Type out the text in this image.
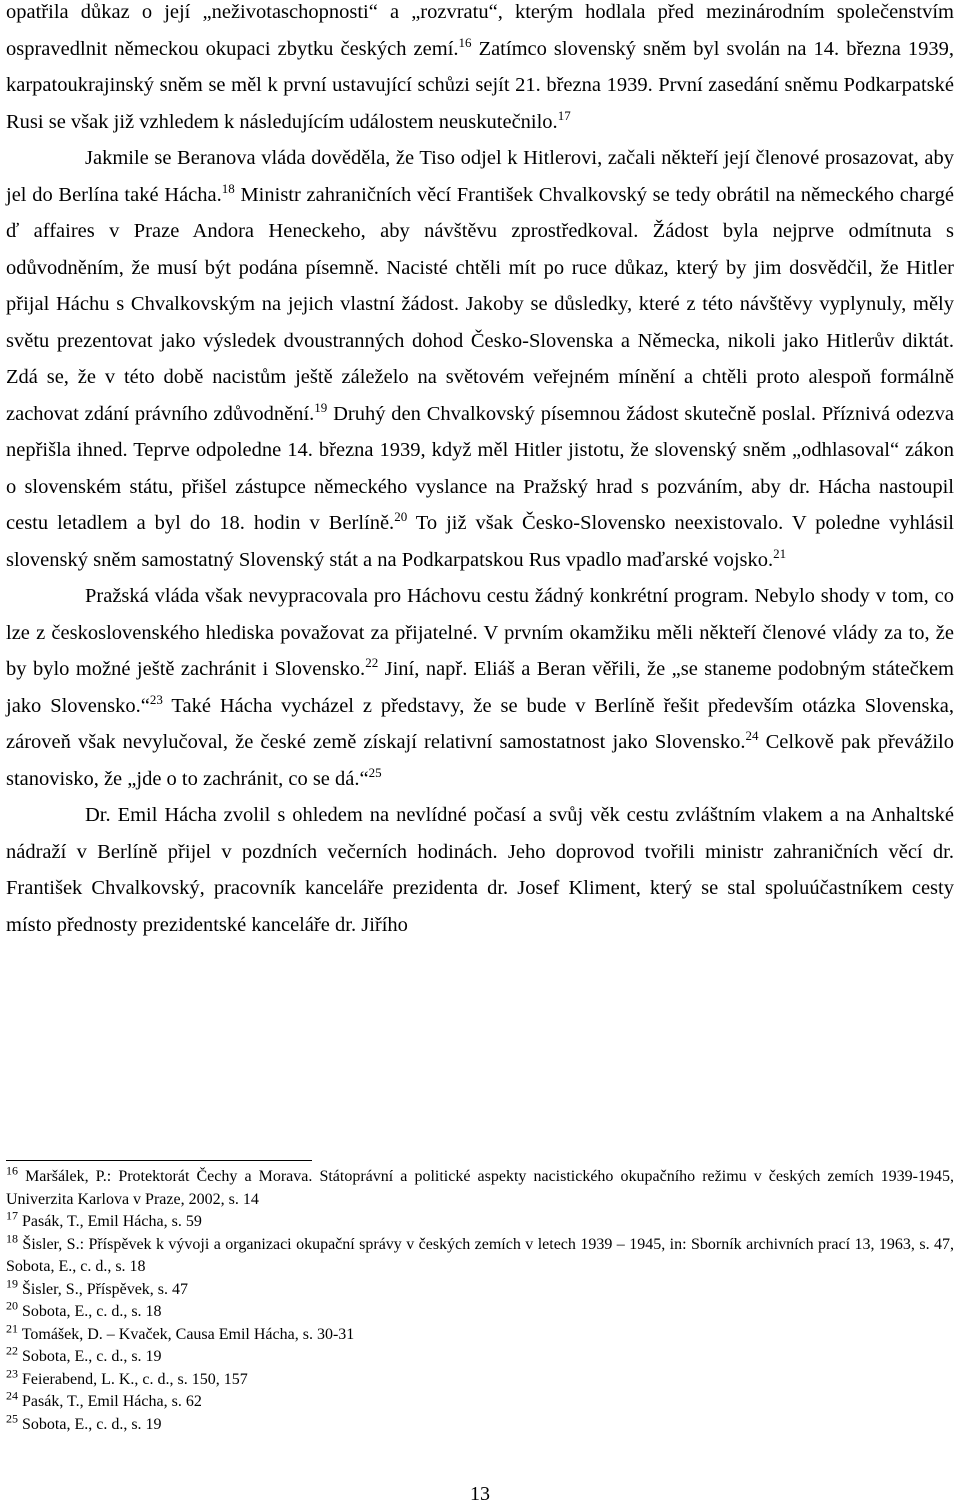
opatřila důkaz o její „neživotaschopnosti“ a „rozvratu“, kterým hodlala před mezinárodním společenstvím ospravedlnit německou okupaci zbytku českých zemí.$^{16}$ Zatímco slovenský sněm byl svolán na 14. března 1939, karpatoukrajinský sněm se měl k první ustavující schůzi sejít 21. března 1939. První zasedání sněmu Podkarpatské Rusi se však již vzhledem k následujícím událostem neuskutečnilo.$^{17}$

Jakmile se Beranova vláda dověděla, že Tiso odjel k Hitlerovi, začali někteří její členové prosazovat, aby jel do Berlína také Hácha.$^{18}$ Ministr zahraničních věcí František Chvalkovský se tedy obrátil na německého chargé ď affaires v Praze Andora Heneckeho, aby návštěvu zprostředkoval. Žádost byla nejprve odmítnuta s odůvodněním, že musí být podána písemně. Nacisté chtěli mít po ruce důkaz, který by jim dosvědčil, že Hitler přijal Háchu s Chvalkovským na jejich vlastní žádost. Jakoby se důsledky, které z této návštěvy vyplynuly, měly světu prezentovat jako výsledek dvoustranných dohod Česko-Slovenska a Německa, nikoli jako Hitlerův diktát. Zdá se, že v této době nacistům ještě záleželo na světovém veřejném mínění a chtěli proto alespoň formálně zachovat zdání právního zdůvodnění.$^{19}$ Druhý den Chvalkovský písemnou žádost skutečně poslal. Příznivá odezva nepřišla ihned. Teprve odpoledne 14. března 1939, když měl Hitler jistotu, že slovenský sněm „odhlasoval“ zákon o slovenském státu, přišel zástupce německého vyslance na Pražský hrad s pozváním, aby dr. Hácha nastoupil cestu letadlem a byl do 18. hodin v Berlíně.$^{20}$ To již však Česko-Slovensko neexistovalo. V poledne vyhlásil slovenský sněm samostatný Slovenský stát a na Podkarpatskou Rus vpadlo maďarské vojsko.$^{21}$

Pražská vláda však nevypracovala pro Háchovu cestu žádný konkrétní program. Nebylo shody v tom, co lze z československého hlediska považovat za přijatelné. V prvním okamžiku měli někteří členové vlády za to, že by bylo možné ještě zachránit i Slovensko.$^{22}$ Jiní, např. Eliáš a Beran věřili, že „se staneme podobným státečkem jako Slovensko.“$^{23}$ Také Hácha vycházel z představy, že se bude v Berlíně řešit především otázka Slovenska, zároveň však nevylučoval, že české země získají relativní samostatnost jako Slovensko.$^{24}$ Celkově pak převážilo stanovisko, že „jde o to zachránit, co se dá.“$^{25}$

Dr. Emil Hácha zvolil s ohledem na nevlídné počasí a svůj věk cestu zvláštním vlakem a na Anhaltské nádraží v Berlíně přijel v pozdních večerních hodinách. Jeho doprovod tvořili ministr zahraničních věcí dr. František Chvalkovský, pracovník kanceláře prezidenta dr. Josef Kliment, který se stal spoluúčastníkem cesty místo přednosty prezidentské kanceláře dr. Jiřího

$^{16}$ Maršálek, P.: Protektorát Čechy a Morava. Státoprávní a politické aspekty nacistického okupačního režimu v českých zemích 1939-1945, Univerzita Karlova v Praze, 2002, s. 14
$^{17}$ Pasák, T., Emil Hácha, s. 59
$^{18}$ Šisler, S.: Příspěvek k vývoji a organizaci okupační správy v českých zemích v letech 1939 – 1945, in: Sborník archivních prací 13, 1963, s. 47, Sobota, E., c. d., s. 18
$^{19}$ Šisler, S., Příspěvek, s. 47
$^{20}$ Sobota, E., c. d., s. 18
$^{21}$ Tomášek, D. – Kvaček, Causa Emil Hácha, s. 30-31
$^{22}$ Sobota, E., c. d., s. 19
$^{23}$ Feierabend, L. K., c. d., s. 150, 157
$^{24}$ Pasák, T., Emil Hácha, s. 62
$^{25}$ Sobota, E., c. d., s. 19
13
